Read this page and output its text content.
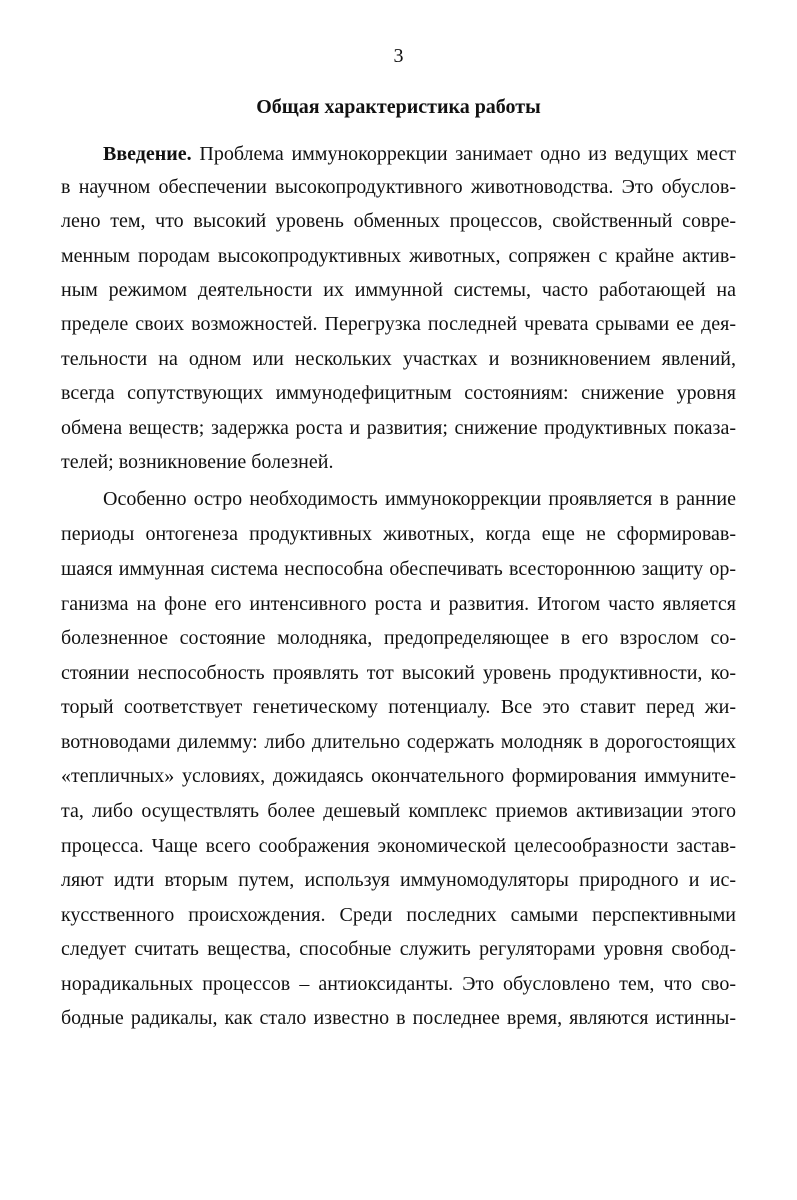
3
Общая характеристика работы
Введение. Проблема иммунокоррекции занимает одно из ведущих мест
в научном обеспечении высокопродуктивного животноводства. Это обуслов-
лено тем, что высокий уровень обменных процессов, свойственный совре-
менным породам высокопродуктивных животных, сопряжен с крайне актив-
ным режимом деятельности их иммунной системы, часто работающей на
пределе своих возможностей. Перегрузка последней чревата срывами ее дея-
тельности на одном или нескольких участках и возникновением явлений,
всегда сопутствующих иммунодефицитным состояниям: снижение уровня
обмена веществ; задержка роста и развития; снижение продуктивных показа-
телей; возникновение болезней.
Особенно остро необходимость иммунокоррекции проявляется в ранние
периоды онтогенеза продуктивных животных, когда еще не сформировав-
шаяся иммунная система неспособна обеспечивать всестороннюю защиту ор-
ганизма на фоне его интенсивного роста и развития. Итогом часто является
болезненное состояние молодняка, предопределяющее в его взрослом со-
стоянии неспособность проявлять тот высокий уровень продуктивности, ко-
торый соответствует генетическому потенциалу. Все это ставит перед жи-
вотноводами дилемму: либо длительно содержать молодняк в дорогостоящих
«тепличных» условиях, дожидаясь окончательного формирования иммуните-
та, либо осуществлять более дешевый комплекс приемов активизации этого
процесса. Чаще всего соображения экономической целесообразности застав-
ляют идти вторым путем, используя иммуномодуляторы природного и ис-
кусственного происхождения. Среди последних самыми перспективными
следует считать вещества, способные служить регуляторами уровня свобод-
норадикальных процессов – антиоксиданты. Это обусловлено тем, что сво-
бодные радикалы, как стало известно в последнее время, являются истинны-
